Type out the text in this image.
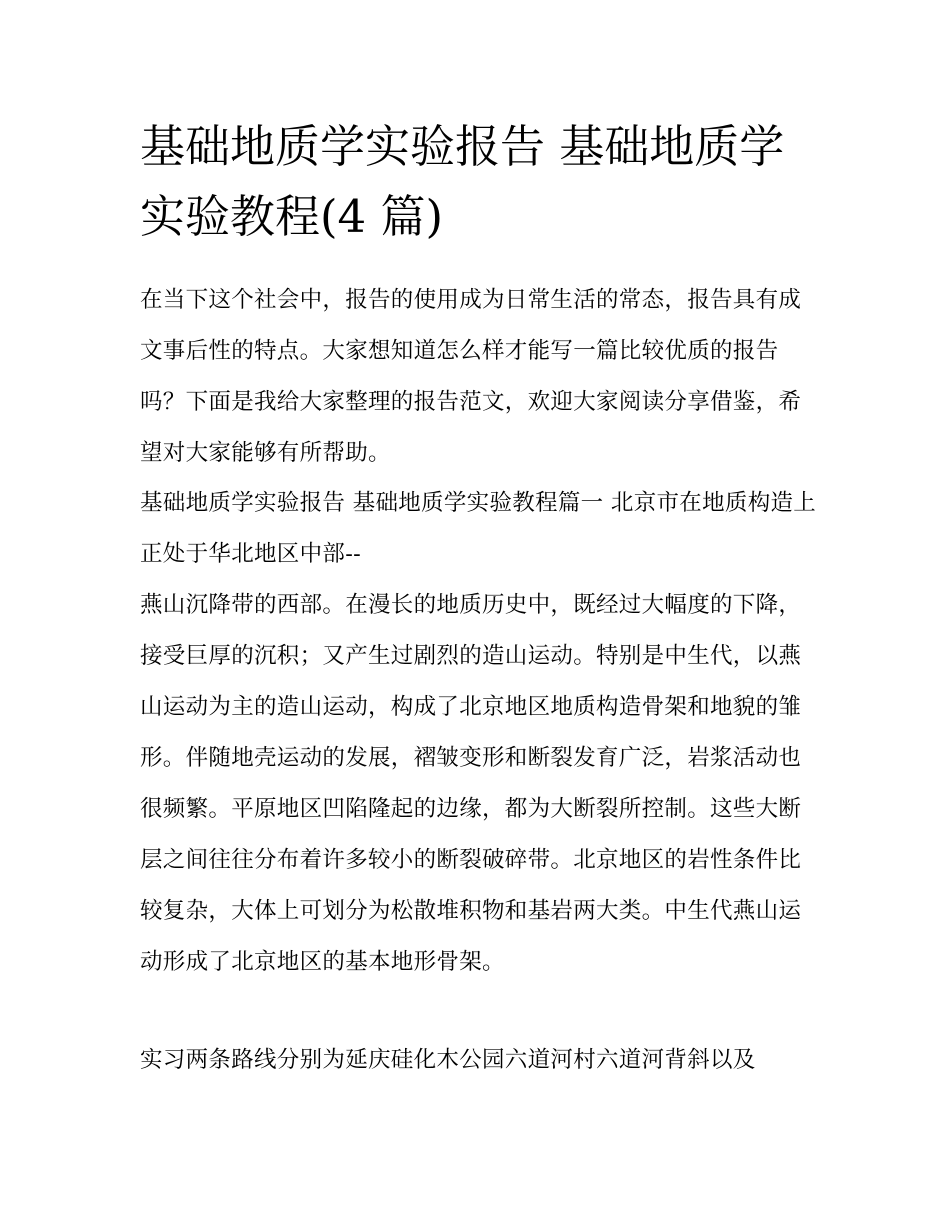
基础地质学实验报告 基础地质学实验教程(4 篇)

在当下这个社会中，报告的使用成为日常生活的常态，报告具有成文事后性的特点。大家想知道怎么样才能写一篇比较优质的报告吗？下面是我给大家整理的报告范文，欢迎大家阅读分享借鉴，希望对大家能够有所帮助。

基础地质学实验报告 基础地质学实验教程篇一 北京市在地质构造上正处于华北地区中部--

燕山沉降带的西部。在漫长的地质历史中，既经过大幅度的下降，接受巨厚的沉积；又产生过剧烈的造山运动。特别是中生代，以燕山运动为主的造山运动，构成了北京地区地质构造骨架和地貌的雏形。伴随地壳运动的发展，褶皱变形和断裂发育广泛，岩浆活动也很频繁。平原地区凹陷隆起的边缘，都为大断裂所控制。这些大断层之间往往分布着许多较小的断裂破碎带。北京地区的岩性条件比较复杂，大体上可划分为松散堆积物和基岩两大类。中生代燕山运动形成了北京地区的基本地形骨架。

实习两条路线分别为延庆硅化木公园六道河村六道河背斜以及
